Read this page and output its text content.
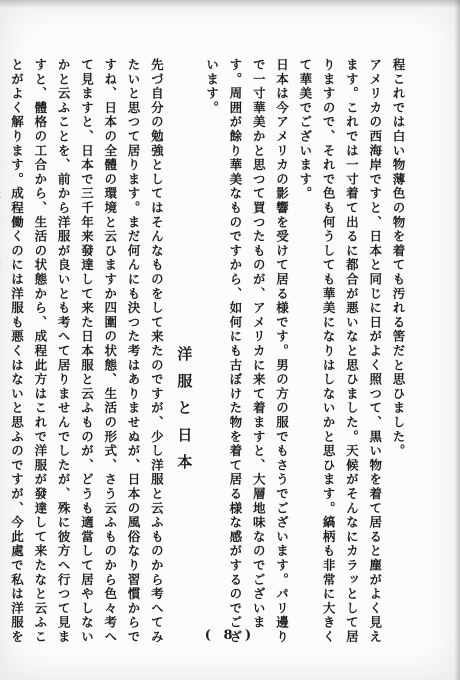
程これでは白い物薄色の物を着ても汚れる筈だと思ひました。

アメリカの西海岸ですと、日本と同じに日がよく照つて、黒い物を着て居ると塵がよく見えます。これでは一寸着て出るに都合が悪いなと思ひました。天候がそんなにカラッとして居りますので、それで色も何うしても華美になりはしないかと思ひます。縞柄も非常に大きくて華美でございます。

日本は今アメリカの影響を受けて居る様です。男の方の服でもさうでございます。パリ邊りで一寸華美かと思つて買つたものが、アメリカに来て着ますと、大層地味なのでございます。周囲が餘り華美なものですから、如何にも古ぼけた物を着て居る様な感がするのでございます。

洋服と日本

先づ自分の勉強としてはそんなものをして来たのですが、少し洋服と云ふものから考へてみたいと思つて居ります。まだ何んにも決つた考はありませぬが、日本の風俗なり習慣からですね、日本の全體の環境と云ひますか四圍の状態、生活の形式、さう云ふものから色々考へて見ますと、日本で三千年来發達して来た日本服と云ふものが、どうも適當して居やしないかと云ふことを、前から洋服が良いとも考へて居りませんでしたが、殊に彼方へ行つて見ますと、體格の工合から、生活の状態から、成程此方はこれで洋服が發達して来たなと云ふことがよく解ります。成程働くのには洋服も悪くはないと思ふのですが、今此處で私は洋服を	( 8 )
